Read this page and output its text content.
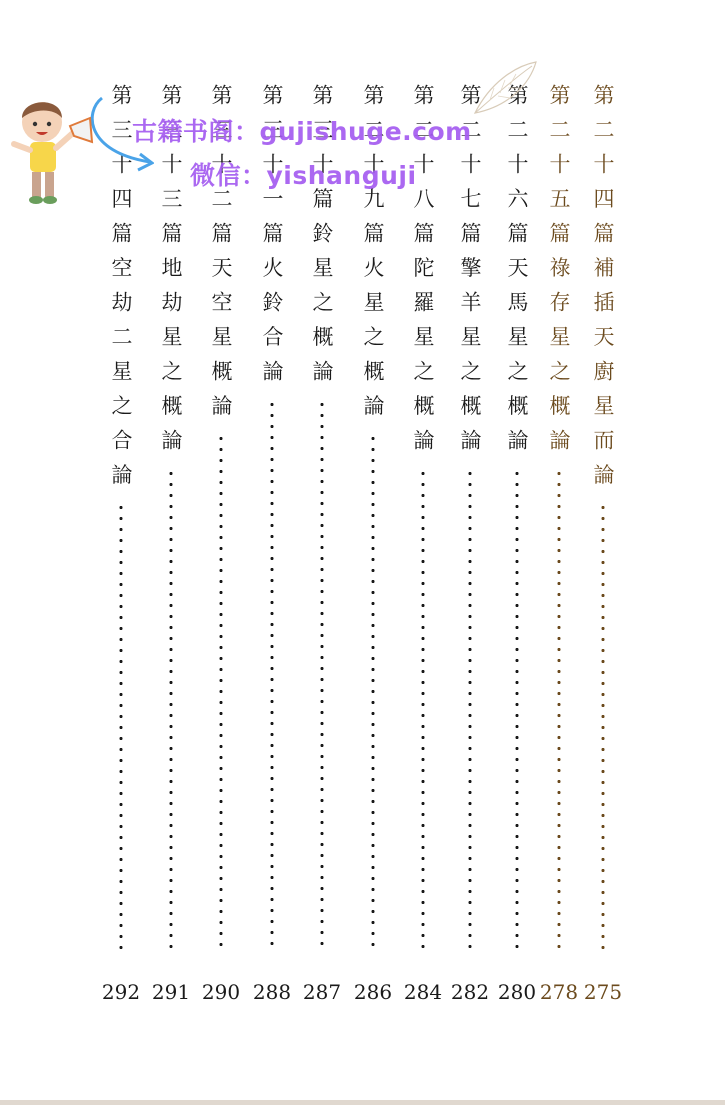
第三十四篇空劫二星之合論
292
第三十三篇地劫星之概論
291
第三十二篇天空星概論
290
第三十一篇火鈴合論
288
第三十篇鈴星之概論
287
第二十九篇火星之概論
286
第二十八篇陀羅星之概論
284
第二十七篇擎羊星之概論
282
第二十六篇天馬星之概論
280
第二十五篇祿存星之概論
278
第二十四篇補插天廚星而論
275
古籍书阁：gujishuge.com
微信：yishanguji
